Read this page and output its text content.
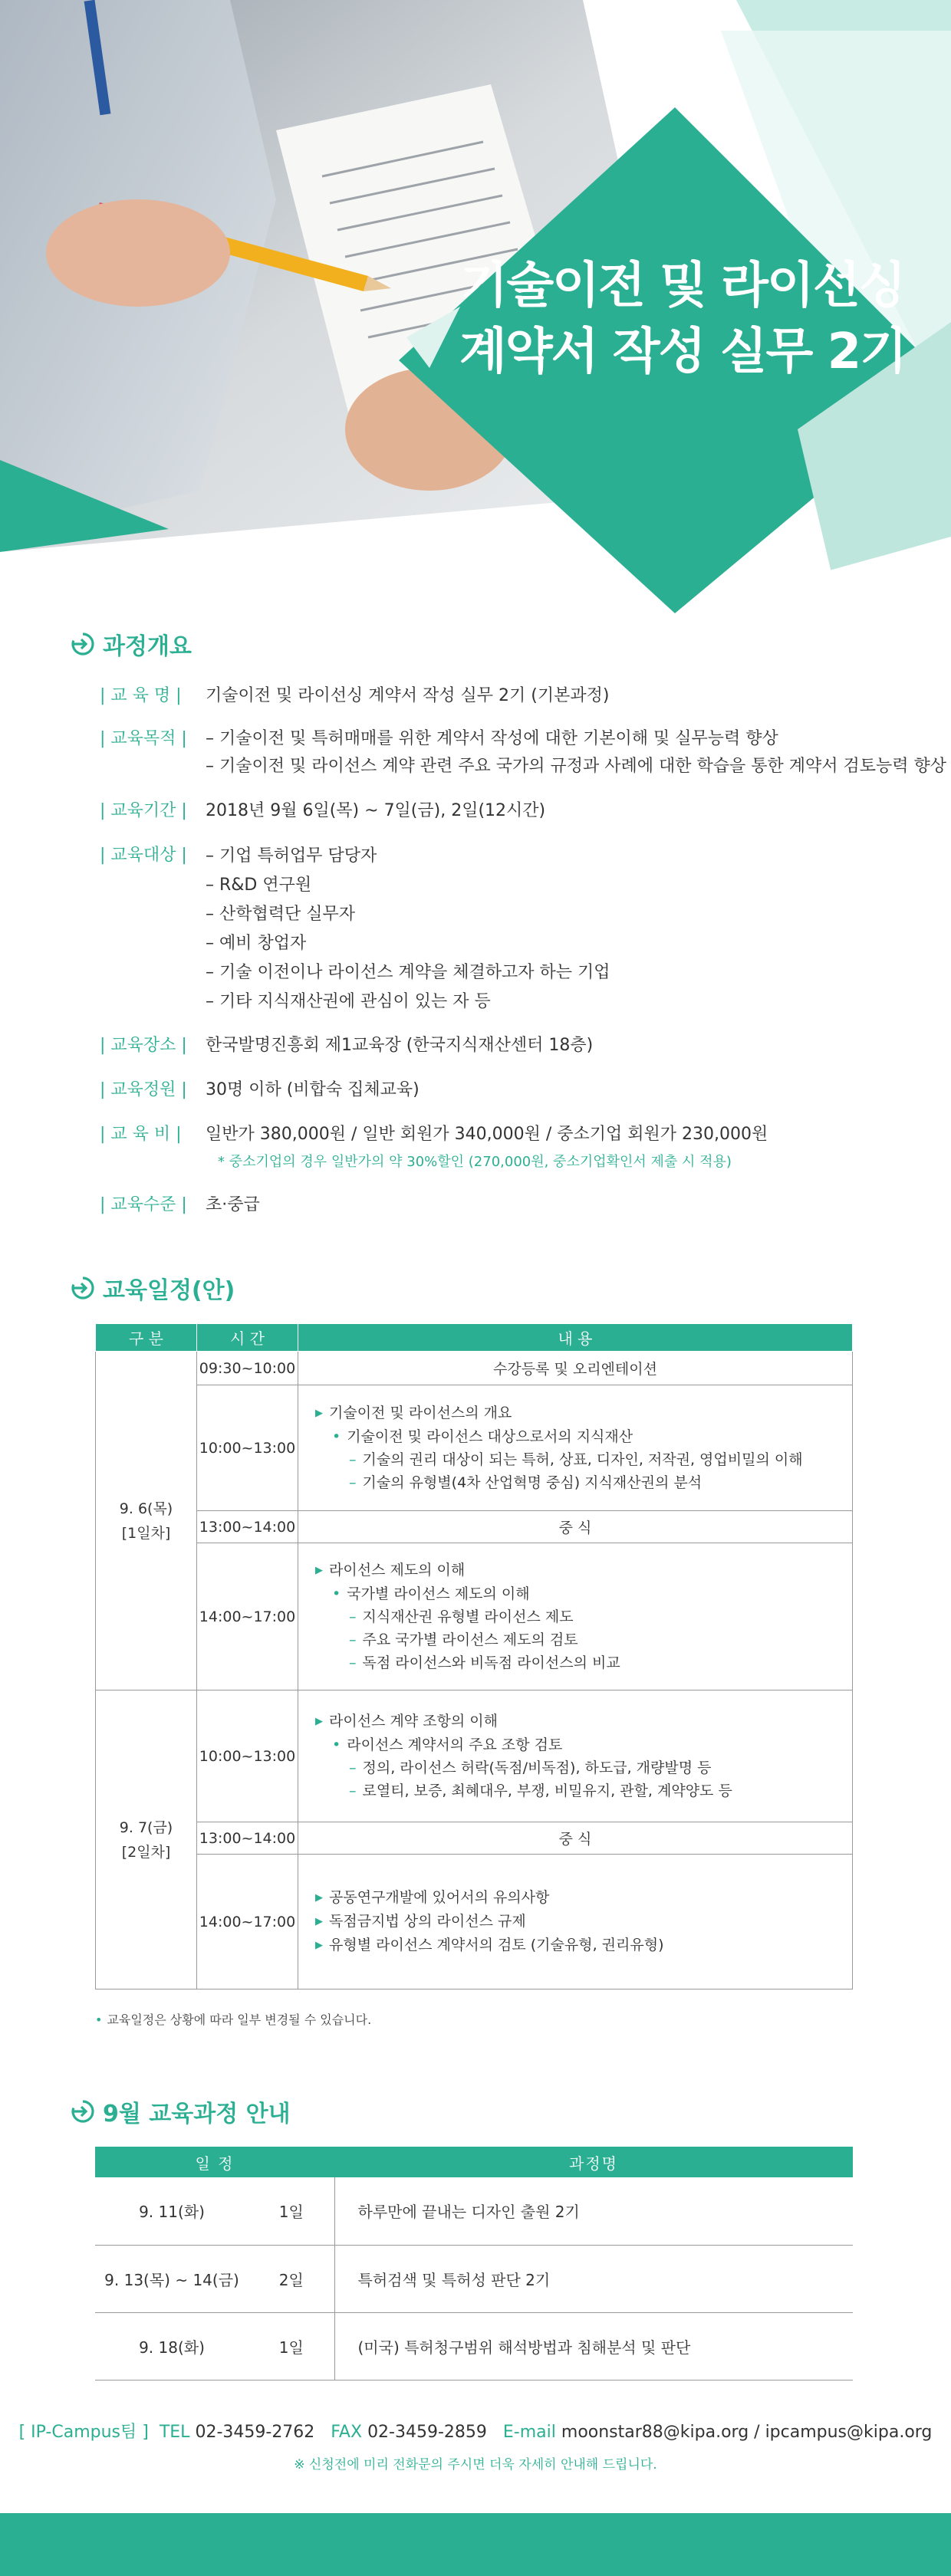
기술이전 및 라이선싱
계약서 작성 실무 2기
과정개요
| 교 육 명 |	기술이전 및 라이선싱 계약서 작성 실무 2기 (기본과정)
| 교육목적 |	– 기술이전 및 특허매매를 위한 계약서 작성에 대한 기본이해 및 실무능력 향상
– 기술이전 및 라이선스 계약 관련 주요 국가의 규정과 사례에 대한 학습을 통한 계약서 검토능력 향상
| 교육기간 |	2018년 9월 6일(목) ~ 7일(금), 2일(12시간)
| 교육대상 |	– 기업 특허업무 담당자
– R&D 연구원
– 산학협력단 실무자
– 예비 창업자
– 기술 이전이나 라이선스 계약을 체결하고자 하는 기업
– 기타 지식재산권에 관심이 있는 자 등
| 교육장소 |	한국발명진흥회 제1교육장 (한국지식재산센터 18층)
| 교육정원 |	30명 이하 (비합숙 집체교육)
| 교 육 비 |	일반가 380,000원 / 일반 회원가 340,000원 / 중소기업 회원가 230,000원
* 중소기업의 경우 일반가의 약 30%할인 (270,000원, 중소기업확인서 제출 시 적용)
| 교육수준 |	초·중급
교육일정(안)
구 분	시 간	내 용

9. 6(목)
[1일차]	09:30~10:00	수강등록 및 오리엔테이션
	10:00~13:00	▶ 기술이전 및 라이선스의 개요
• 기술이전 및 라이선스 대상으로서의 지식재산
– 기술의 권리 대상이 되는 특허, 상표, 디자인, 저작권, 영업비밀의 이해
– 기술의 유형별(4차 산업혁명 중심) 지식재산권의 분석

	13:00~14:00	중 식
	14:00~17:00	▶ 라이선스 제도의 이해
• 국가별 라이선스 제도의 이해
– 지식재산권 유형별 라이선스 제도
– 주요 국가별 라이선스 제도의 검토
– 독점 라이선스와 비독점 라이선스의 비교

9. 7(금)
[2일차]	10:00~13:00	▶ 라이선스 계약 조항의 이해
• 라이선스 계약서의 주요 조항 검토
– 정의, 라이선스 허락(독점/비독점), 하도급, 개량발명 등
– 로열티, 보증, 최혜대우, 부쟁, 비밀유지, 관할, 계약양도 등

	13:00~14:00	중 식
	14:00~17:00	▶ 공동연구개발에 있어서의 유의사항
▶ 독점금지법 상의 라이선스 규제
▶ 유형별 라이선스 계약서의 검토 (기술유형, 권리유형)
• 교육일정은 상황에 따라 일부 변경될 수 있습니다.
9월 교육과정 안내
일 정		과정명
9. 11(화)	1일	하루만에 끝내는 디자인 출원 2기
9. 13(목) ~ 14(금)	2일	특허검색 및 특허성 판단 2기
9. 18(화)	1일	(미국) 특허청구범위 해석방법과 침해분석 및 판단
[ IP-Campus팀 ] TEL 02-3459-2762 FAX 02-3459-2859 E-mail moonstar88@kipa.org / ipcampus@kipa.org
※ 신청전에 미리 전화문의 주시면 더욱 자세히 안내해 드립니다.
